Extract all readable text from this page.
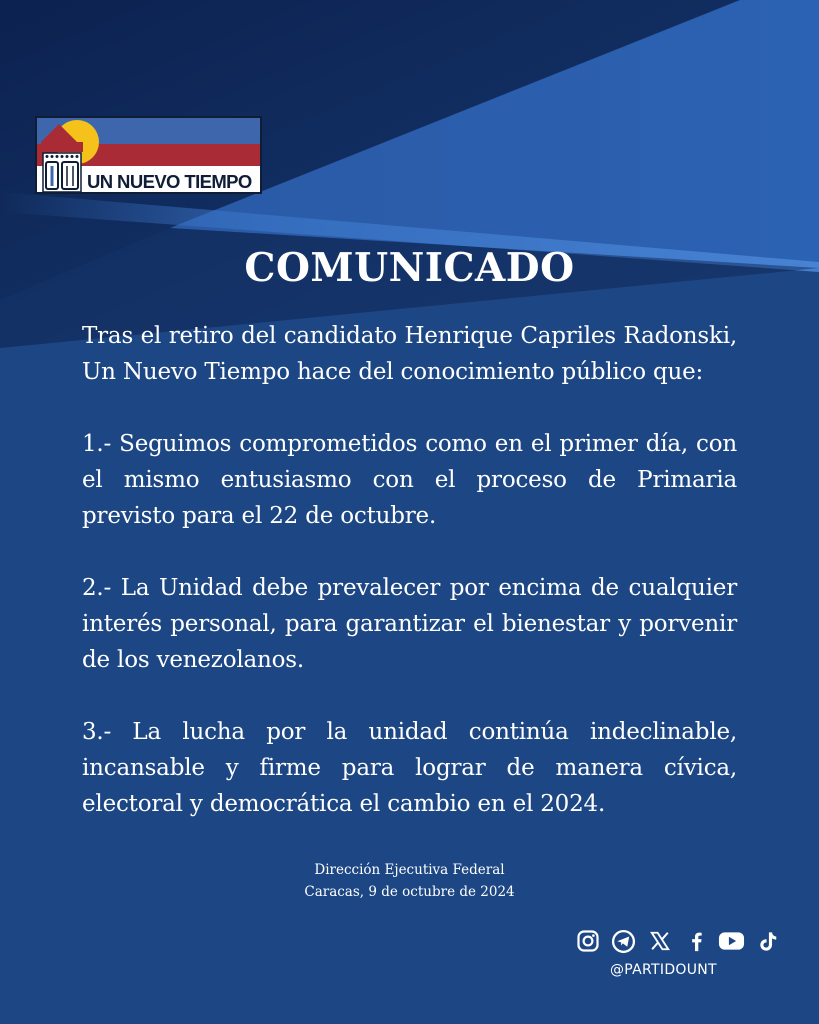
UN NUEVO TIEMPO
COMUNICADO

Tras el retiro del candidato Henrique Capriles Radonski, Un Nuevo Tiempo hace del conocimiento público que:

1.- Seguimos comprometidos como en el primer día, con el mismo entusiasmo con el proceso de Primaria previsto para el 22 de octubre.

2.- La Unidad debe prevalecer por encima de cualquier interés personal, para garantizar el bienestar y porvenir de los venezolanos.

3.- La lucha por la unidad continúa indeclinable, incansable y firme para lograr de manera cívica, electoral y democrática el cambio en el 2024.

Dirección Ejecutiva Federal
Caracas, 9 de octubre de 2024
@PARTIDOUNT
